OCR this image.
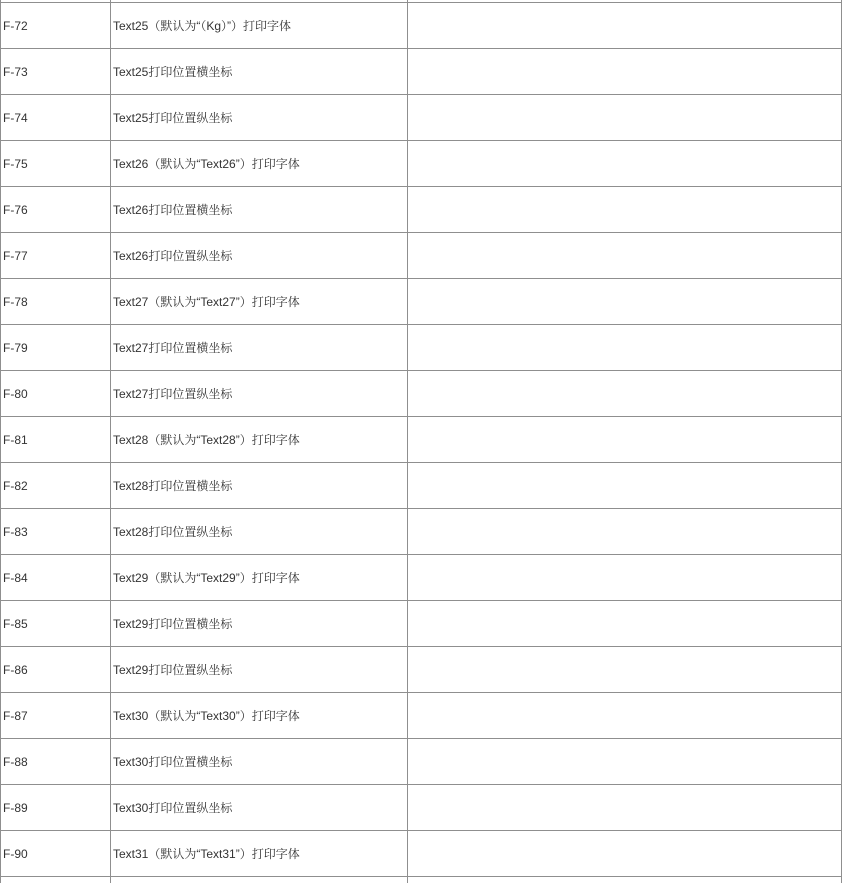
F-72	Text25（默认为“（Kg）”）打印字体	
F-73	Text25打印位置横坐标	
F-74	Text25打印位置纵坐标	
F-75	Text26（默认为“Text26”）打印字体	
F-76	Text26打印位置横坐标	
F-77	Text26打印位置纵坐标	
F-78	Text27（默认为“Text27”）打印字体	
F-79	Text27打印位置横坐标	
F-80	Text27打印位置纵坐标	
F-81	Text28（默认为“Text28”）打印字体	
F-82	Text28打印位置横坐标	
F-83	Text28打印位置纵坐标	
F-84	Text29（默认为“Text29”）打印字体	
F-85	Text29打印位置横坐标	
F-86	Text29打印位置纵坐标	
F-87	Text30（默认为“Text30”）打印字体	
F-88	Text30打印位置横坐标	
F-89	Text30打印位置纵坐标	
F-90	Text31（默认为“Text31”）打印字体	
